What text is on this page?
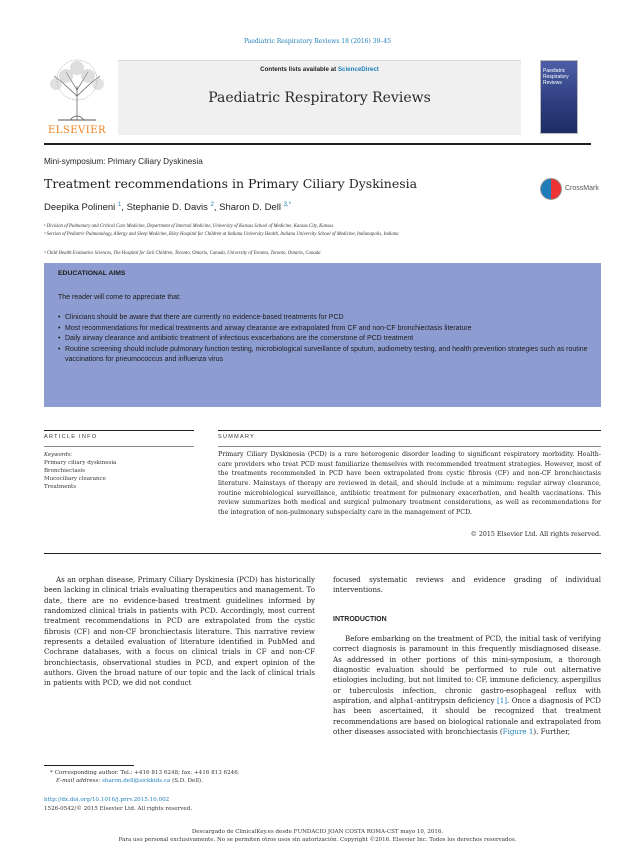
Paediatric Respiratory Reviews 18 (2016) 39–45
ELSEVIER
Contents lists available at ScienceDirect
Paediatric Respiratory Reviews
Paediatric Respiratory Reviews
Mini-symposium: Primary Ciliary Dyskinesia
Treatment recommendations in Primary Ciliary Dyskinesia	CrossMark
Deepika Polineni $^1$, Stephanie D. Davis $^2$, Sharon D. Dell $^{3,*}$
¹ Division of Pulmonary and Critical Care Medicine, Department of Internal Medicine, University of Kansas School of Medicine, Kansas City, Kansas
² Section of Pediatric Pulmonology, Allergy and Sleep Medicine, Riley Hospital for Children at Indiana University Health, Indiana University School of Medicine, Indianapolis, Indiana
³ Child Health Evaluative Sciences, The Hospital for Sick Children, Toronto, Ontario, Canada, University of Toronto, Toronto, Ontario, Canada
EDUCATIONAL AIMS
The reader will come to appreciate that:
• Clinicians should be aware that there are currently no evidence-based treatments for PCD
• Most recommendations for medical treatments and airway clearance are extrapolated from CF and non-CF bronchiectasis literature
• Daily airway clearance and antibiotic treatment of infectious exacerbations are the cornerstone of PCD treatment
• Routine screening should include pulmonary function testing, microbiological surveillance of sputum, audiometry testing, and health prevention strategies such as routine vaccinations for pneumococcus and influenza virus
ARTICLE INFO	SUMMARY
Keywords:
Primary ciliary dyskinesia
Bronchiectasis
Mucociliary clearance
Treatments
Primary Ciliary Dyskinesia (PCD) is a rare heterogenic disorder leading to significant respiratory morbidity. Health-care providers who treat PCD must familiarize themselves with recommended treatment strategies. However, most of the treatments recommended in PCD have been extrapolated from cystic fibrosis (CF) and non-CF bronchiectasis literature. Mainstays of therapy are reviewed in detail, and should include at a minimum: regular airway clearance, routine microbiological surveillance, antibiotic treatment for pulmonary exacerbation, and health vaccinations. This review summarizes both medical and surgical pulmonary treatment considerations, as well as recommendations for the integration of non-pulmonary subspecialty care in the management of PCD.
© 2015 Elsevier Ltd. All rights reserved.

As an orphan disease, Primary Ciliary Dyskinesia (PCD) has historically been lacking in clinical trials evaluating therapeutics and management. To date, there are no evidence-based treatment guidelines informed by randomized clinical trials in patients with PCD. Accordingly, most current treatment recommendations in PCD are extrapolated from the cystic fibrosis (CF) and non-CF bronchiectasis literature. This narrative review represents a detailed evaluation of literature identified in PubMed and Cochrane databases, with a focus on clinical trials in CF and non-CF bronchiectasis, observational studies in PCD, and expert opinion of the authors. Given the broad nature of our topic and the lack of clinical trials in patients with PCD, we did not conduct

focused systematic reviews and evidence grading of individual interventions.
INTRODUCTION

Before embarking on the treatment of PCD, the initial task of verifying correct diagnosis is paramount in this frequently misdiagnosed disease. As addressed in other portions of this mini-symposium, a thorough diagnostic evaluation should be performed to rule out alternative etiologies including, but not limited to: CF, immune deficiency, aspergillus or tuberculosis infection, chronic gastro-esophageal reflux with aspiration, and alpha1-antitrypsin deficiency [1]. Once a diagnosis of PCD has been ascertained, it should be recognized that treatment recommendations are based on biological rationale and extrapolated from other diseases associated with bronchiectasis (Figure 1). Further,

* Corresponding author. Tel.: +416 813 6248; fax: +416 813 6246.
E-mail address: sharon.dell@sickkids.ca (S.D. Dell).
http://dx.doi.org/10.1016/j.prrv.2015.10.002
1526-0542/© 2015 Elsevier Ltd. All rights reserved.
Descargado de ClinicalKey.es desde FUNDACIO JOAN COSTA ROMA-CST mayo 10, 2016.
Para uso personal exclusivamente. No se permiten otros usos sin autorización. Copyright ©2016. Elsevier Inc. Todos los derechos reservados.
